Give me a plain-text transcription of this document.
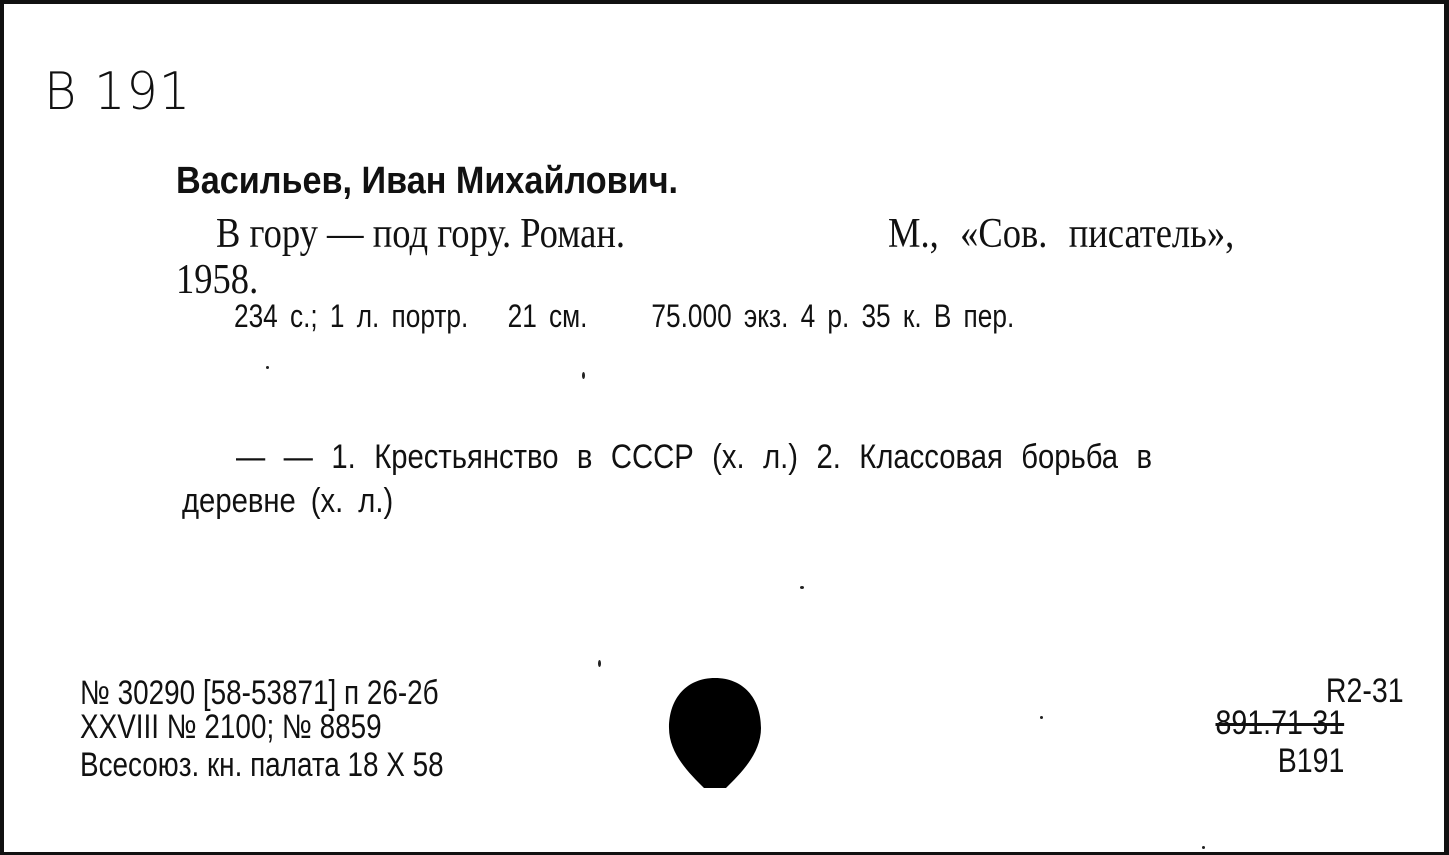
В 191
Васильев, Иван Михайлович.
В гору — под гору. Роман.	М., «Сов. писатель»,
1958.
234 с.; 1 л. портр. 21 см. 75.000 экз. 4 р. 35 к. В пер.
— — 1. Крестьянство в СССР (х. л.) 2. Классовая борьба в
деревне (х. л.)
№ 30290 [58-53871] п 26-2б
XXVIII № 2100; № 8859
Всесоюз. кн. палата 18 X 58
R2-31
891.71-31
B191
